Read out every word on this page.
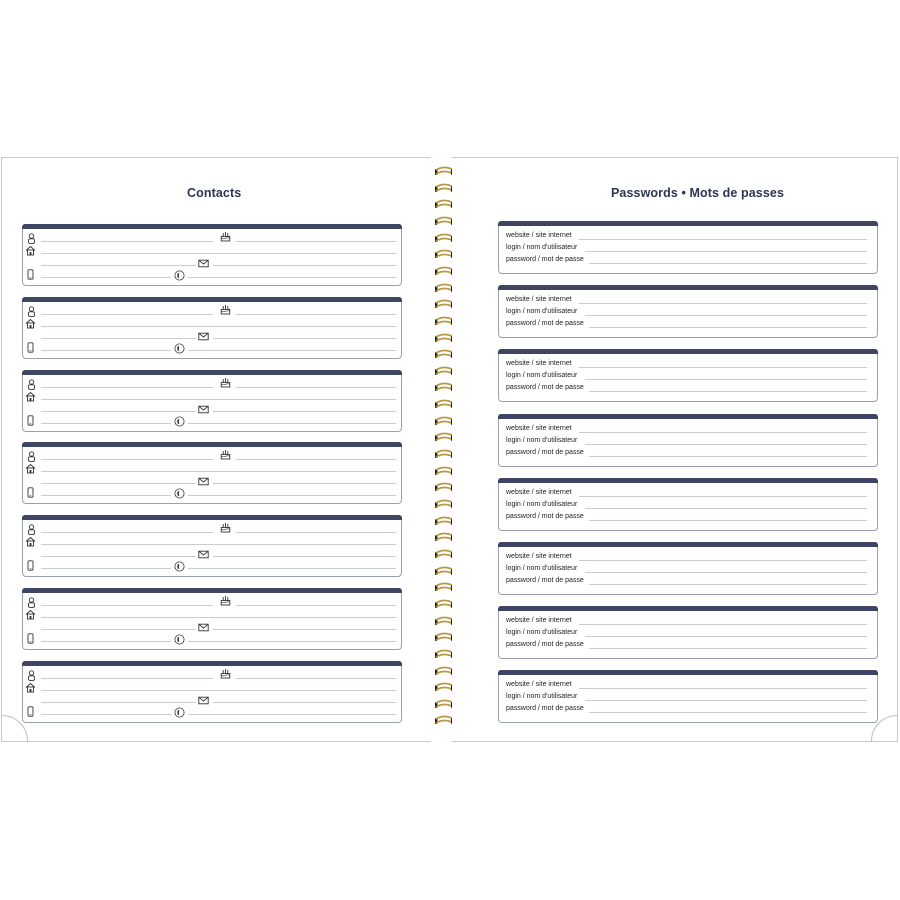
Contacts	Passwords • Mots de passes
website / site internet
login / nom d'utilisateur
password / mot de passe
website / site internet
login / nom d'utilisateur
password / mot de passe
website / site internet
login / nom d'utilisateur
password / mot de passe
website / site internet
login / nom d'utilisateur
password / mot de passe
website / site internet
login / nom d'utilisateur
password / mot de passe
website / site internet
login / nom d'utilisateur
password / mot de passe
website / site internet
login / nom d'utilisateur
password / mot de passe
website / site internet
login / nom d'utilisateur
password / mot de passe
